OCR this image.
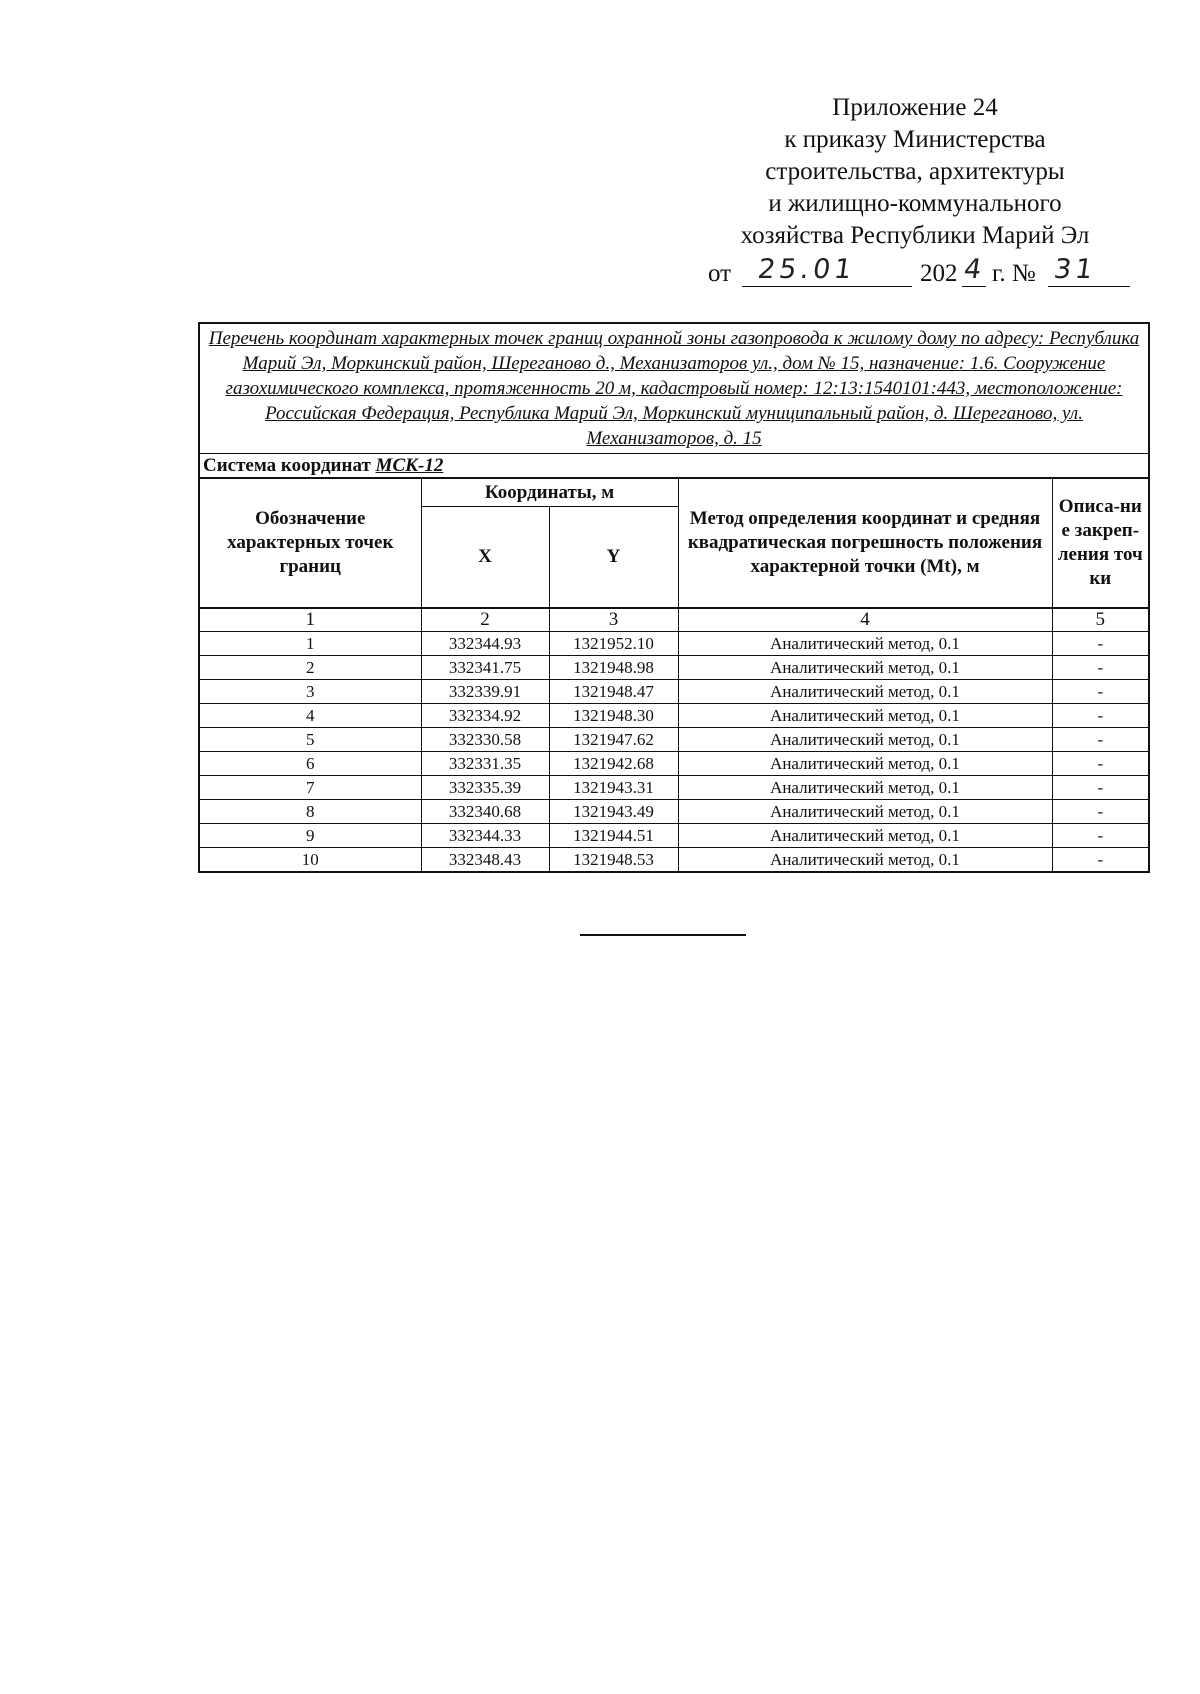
Приложение 24
к приказу Министерства
строительства, архитектуры
и жилищно-коммунального
хозяйства Республики Марий Эл
от 25.01 202 4 г. № 31
Перечень координат характерных точек границ охранной зоны газопровода к жилому дому по адресу: Республика Марий Эл, Моркинский район, Шереганово д., Механизаторов ул., дом № 15, назначение: 1.6. Сооружение газохимического комплекса, протяженность 20 м, кадастровый номер: 12:13:1540101:443, местоположение: Российская Федерация, Республика Марий Эл, Моркинский муниципальный район, д. Шереганово, ул. Механизаторов, д. 15				
Система координат МСК-12				
Обозначение характерных точек границ	Координаты, м		Метод определения координат и средняя квадратическая погрешность положения характерной точки (Mt), м	Описа-ние закреп-ления точки
	X	Y		
1	2	3	4	5
1	332344.93	1321952.10	Аналитический метод, 0.1	-
2	332341.75	1321948.98	Аналитический метод, 0.1	-
3	332339.91	1321948.47	Аналитический метод, 0.1	-
4	332334.92	1321948.30	Аналитический метод, 0.1	-
5	332330.58	1321947.62	Аналитический метод, 0.1	-
6	332331.35	1321942.68	Аналитический метод, 0.1	-
7	332335.39	1321943.31	Аналитический метод, 0.1	-
8	332340.68	1321943.49	Аналитический метод, 0.1	-
9	332344.33	1321944.51	Аналитический метод, 0.1	-
10	332348.43	1321948.53	Аналитический метод, 0.1	-
